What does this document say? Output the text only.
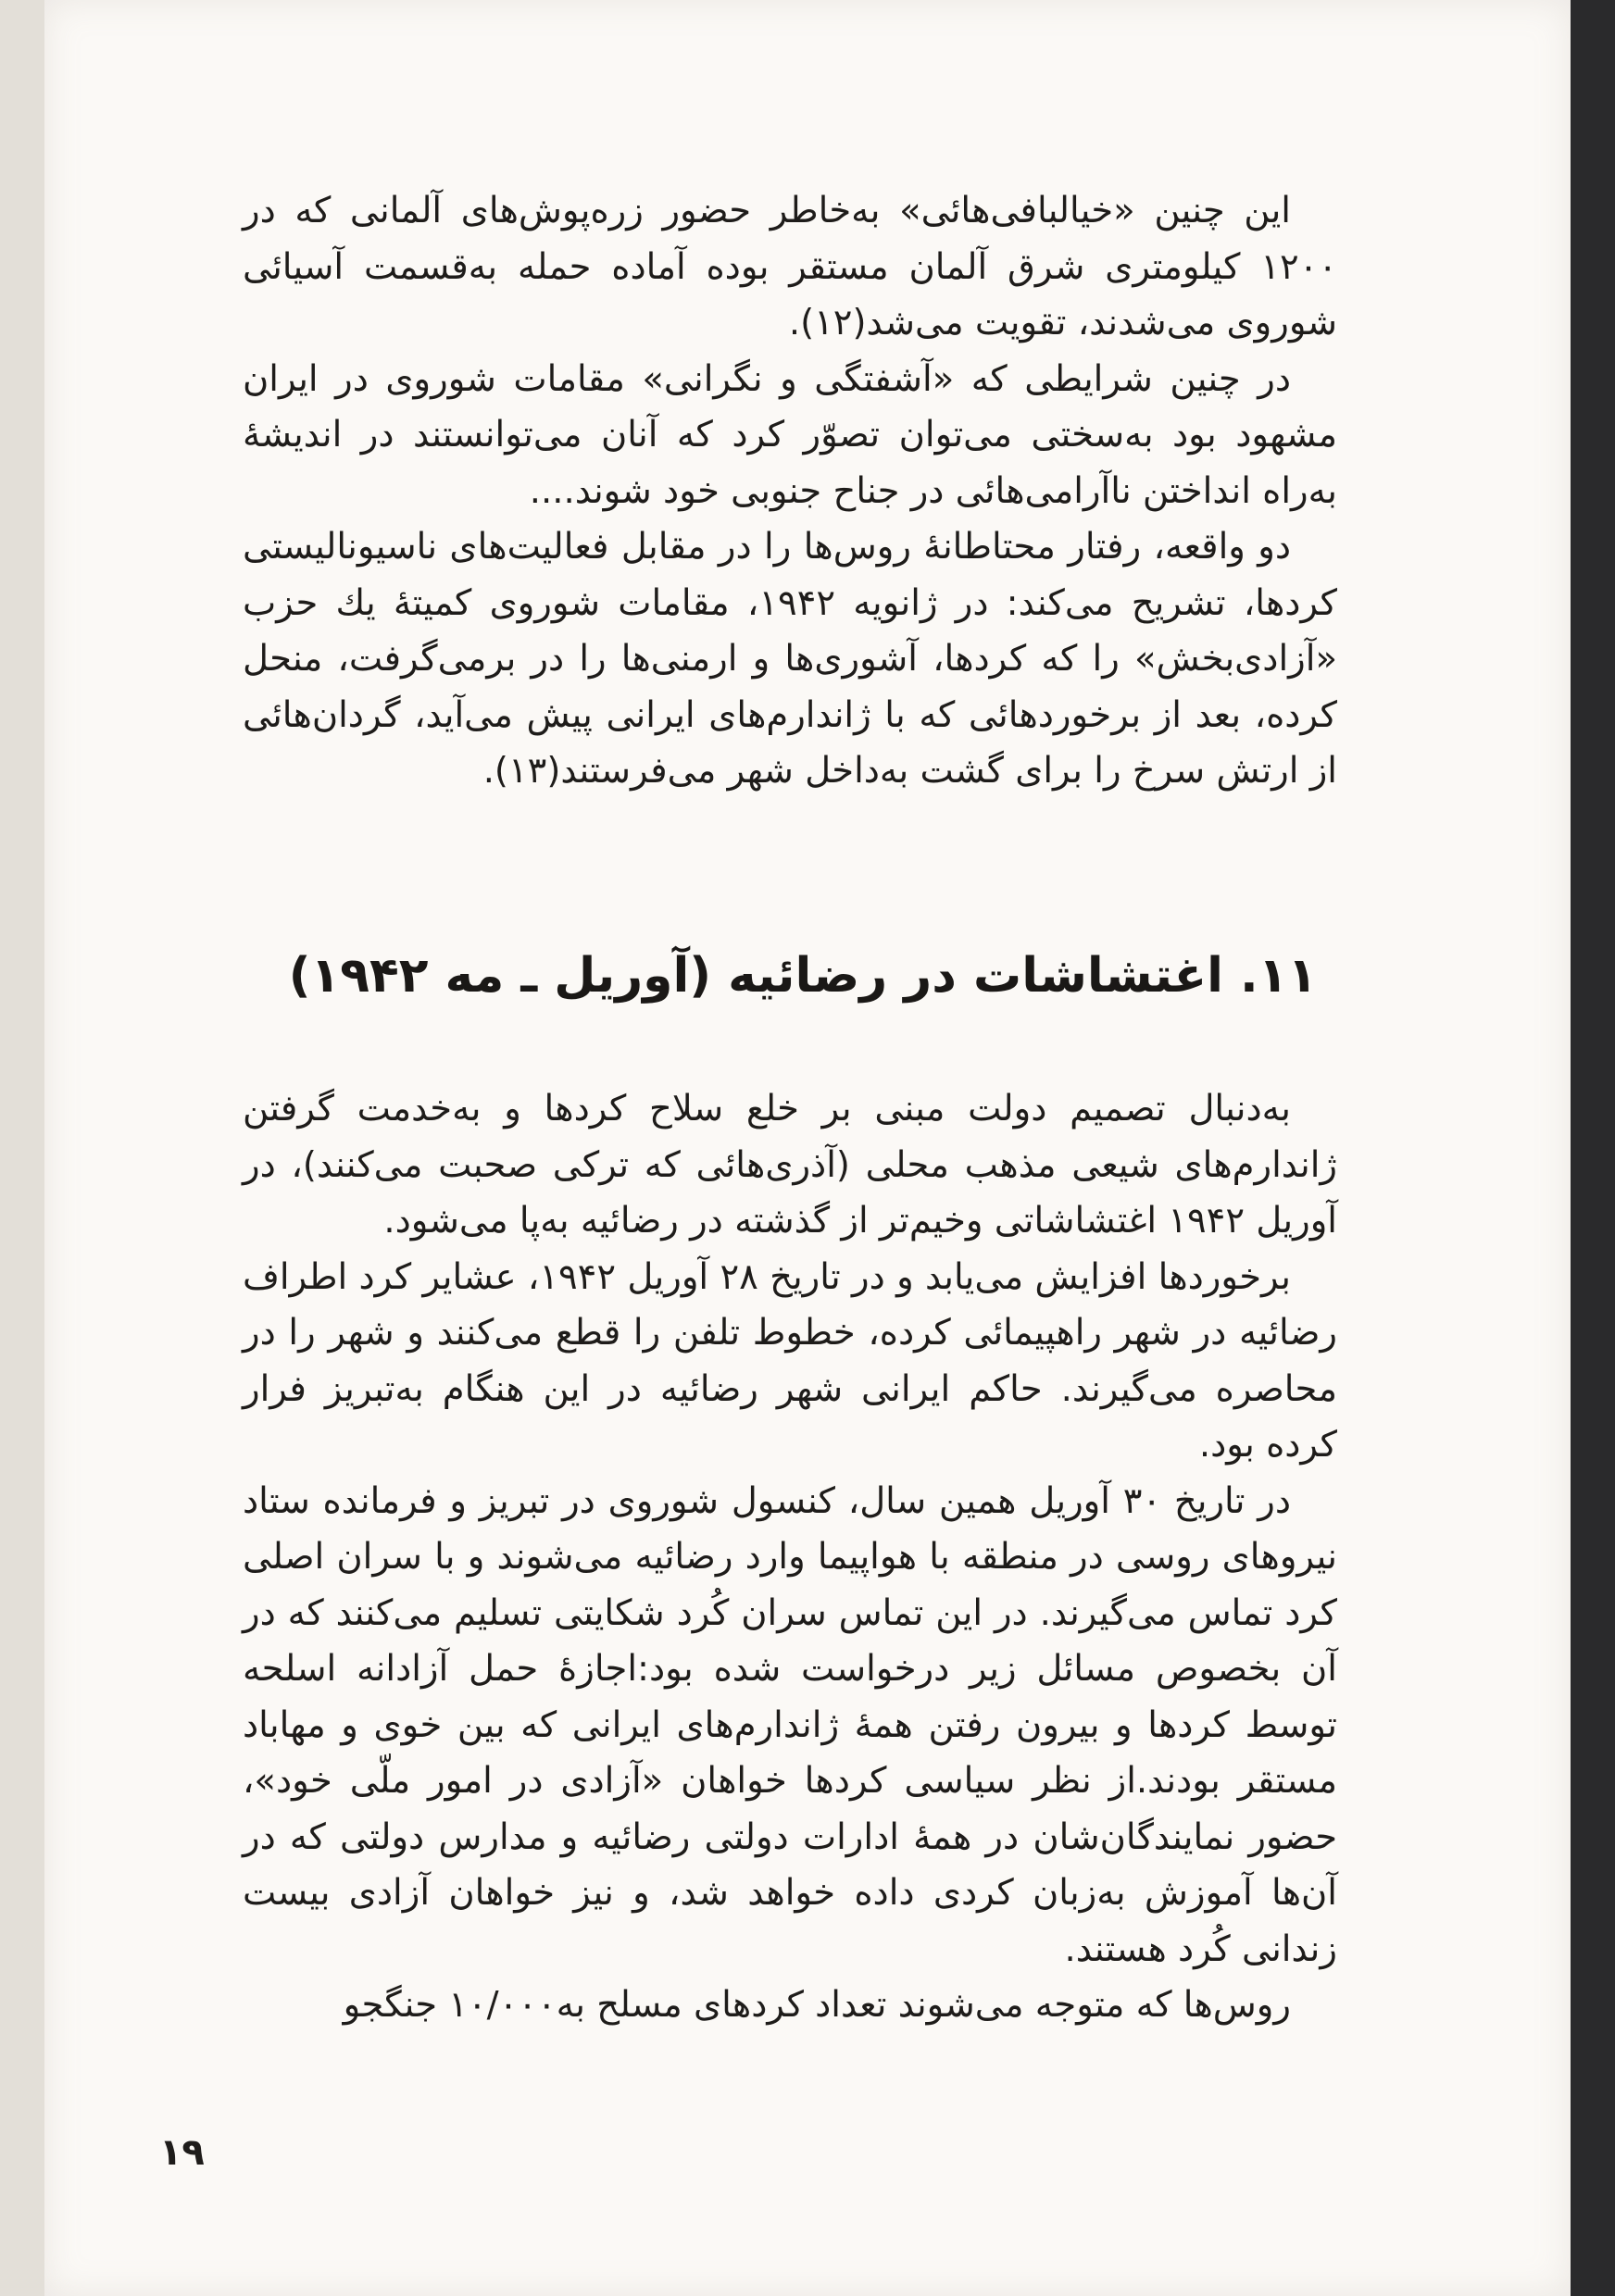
این چنین «خیالبافی‌هائی» به‌خاطر حضور زره‌پوش‌های آلمانی که در ۱۲۰۰ کیلومتری شرق آلمان مستقر بوده آماده حمله به‌قسمت آسیائی شوروی می‌شدند، تقویت می‌شد(۱۲).

در چنین شرایطی که «آشفتگی و نگرانی» مقامات شوروی در ایران مشهود بود به‌سختی می‌توان تصوّر کرد که آنان می‌توانستند در اندیشهٔ به‌راه انداختن ناآرامی‌هائی در جناح جنوبی خود شوند....

دو واقعه، رفتار محتاطانهٔ روس‌ها را در مقابل فعالیت‌های ناسیونالیستی کردها، تشریح می‌کند: در ژانویه ۱۹۴۲، مقامات شوروی کمیتهٔ یك حزب «آزادی‌بخش» را که کردها، آشوری‌ها و ارمنی‌ها را در برمی‌گرفت، منحل کرده، بعد از برخوردهائی که با ژاندارم‌های ایرانی پیش می‌آید، گردان‌هائی از ارتش سرخ را برای گشت به‌داخل شهر می‌فرستند(۱۳).

۱۱. اغتشاشات در رضائیه (آوریل ـ مه ۱۹۴۲)

به‌دنبال تصمیم دولت مبنی بر خلع سلاح کردها و به‌خدمت گرفتن ژاندارم‌های شیعی مذهب محلی (آذری‌هائی که ترکی صحبت می‌کنند)، در آوریل ۱۹۴۲ اغتشاشاتی وخیم‌تر از گذشته در رضائیه به‌پا می‌شود.

برخوردها افزایش می‌یابد و در تاریخ ۲۸ آوریل ۱۹۴۲، عشایر کرد اطراف رضائیه در شهر راهپیمائی کرده، خطوط تلفن را قطع می‌کنند و شهر را در محاصره می‌گیرند. حاکم ایرانی شهر رضائیه در این هنگام به‌تبریز فرار کرده بود.

در تاریخ ۳۰ آوریل همین سال، کنسول شوروی در تبریز و فرمانده ستاد نیروهای روسی در منطقه با هواپیما وارد رضائیه می‌شوند و با سران اصلی کرد تماس می‌گیرند. در این تماس سران کُرد شکایتی تسلیم می‌کنند که در آن بخصوص مسائل زیر درخواست شده بود:اجازهٔ حمل آزادانه اسلحه توسط کردها و بیرون رفتن همهٔ ژاندارم‌های ایرانی که بین خوی و مهاباد مستقر بودند.از نظر سیاسی کردها خواهان «آزادی در امور ملّی خود»، حضور نمایندگان‌شان در همهٔ ادارات دولتی رضائیه و مدارس دولتی که در آن‌ها آموزش به‌زبان کردی داده خواهد شد، و نیز خواهان آزادی بیست زندانی کُرد هستند.

روس‌ها که متوجه می‌شوند تعداد کردهای مسلح به‌۱۰/۰۰۰ جنگجو

۱۹
